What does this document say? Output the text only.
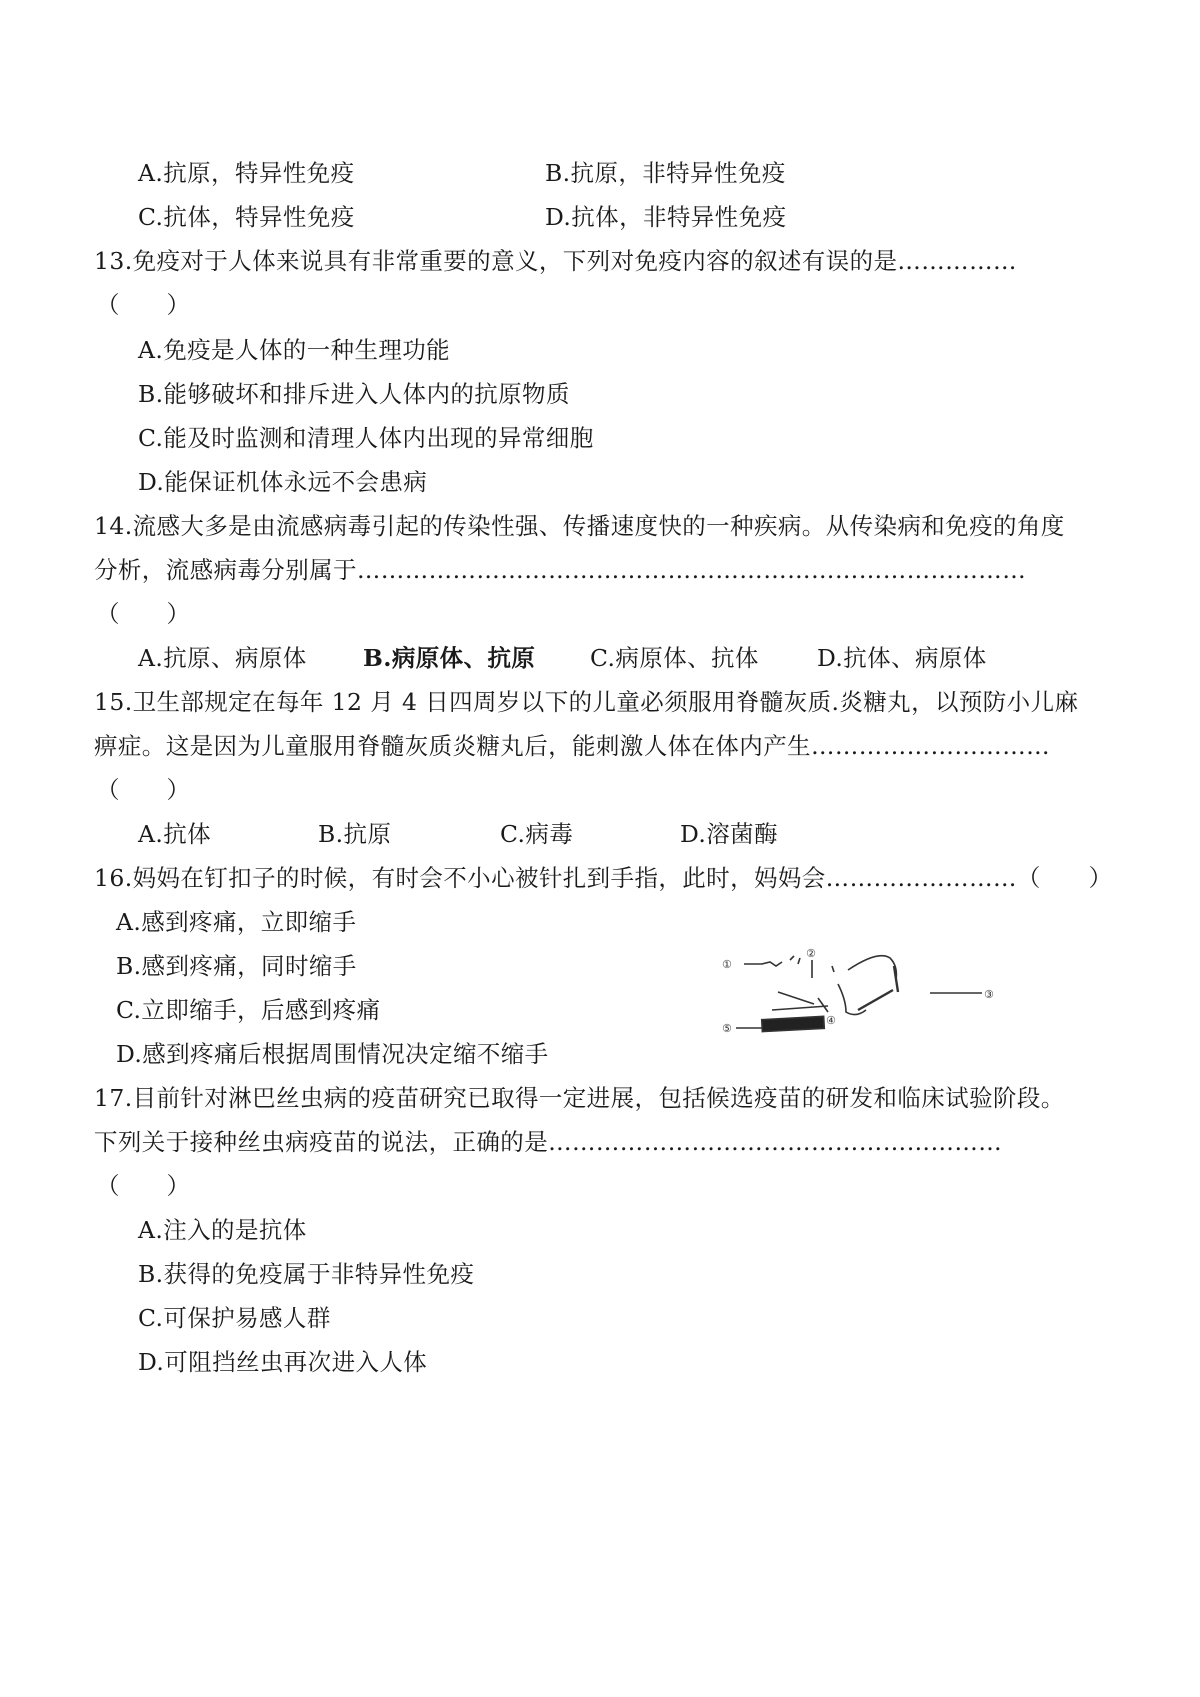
A.抗原，特异性免疫	B.抗原，非特异性免疫
C.抗体，特异性免疫	D.抗体，非特异性免疫
13.免疫对于人体来说具有非常重要的意义，下列对免疫内容的叙述有误的是……………
（　　）
A.免疫是人体的一种生理功能
B.能够破坏和排斥进入人体内的抗原物质
C.能及时监测和清理人体内出现的异常细胞
D.能保证机体永远不会患病
14.流感大多是由流感病毒引起的传染性强、传播速度快的一种疾病。从传染病和免疫的角度
分析，流感病毒分别属于…………………………………………………………………………
（　　）
A.抗原、病原体 B.病原体、抗原 C.病原体、抗体 D.抗体、病原体
15.卫生部规定在每年 12 月 4 日四周岁以下的儿童必须服用脊髓灰质.炎糖丸，以预防小儿麻
痹症。这是因为儿童服用脊髓灰质炎糖丸后，能刺激人体在体内产生…………………………
（　　）
A.抗体	B.抗原	C.病毒	D.溶菌酶
16.妈妈在钉扣子的时候，有时会不小心被针扎到手指，此时，妈妈会……………………（　　）
A.感到疼痛，立即缩手
B.感到疼痛，同时缩手
C.立即缩手，后感到疼痛
D.感到疼痛后根据周围情况决定缩不缩手
①
②
③
④
⑤
17.目前针对淋巴丝虫病的疫苗研究已取得一定进展，包括候选疫苗的研发和临床试验阶段。
下列关于接种丝虫病疫苗的说法，正确的是…………………………………………………
（　　）
A.注入的是抗体
B.获得的免疫属于非特异性免疫
C.可保护易感人群
D.可阻挡丝虫再次进入人体
